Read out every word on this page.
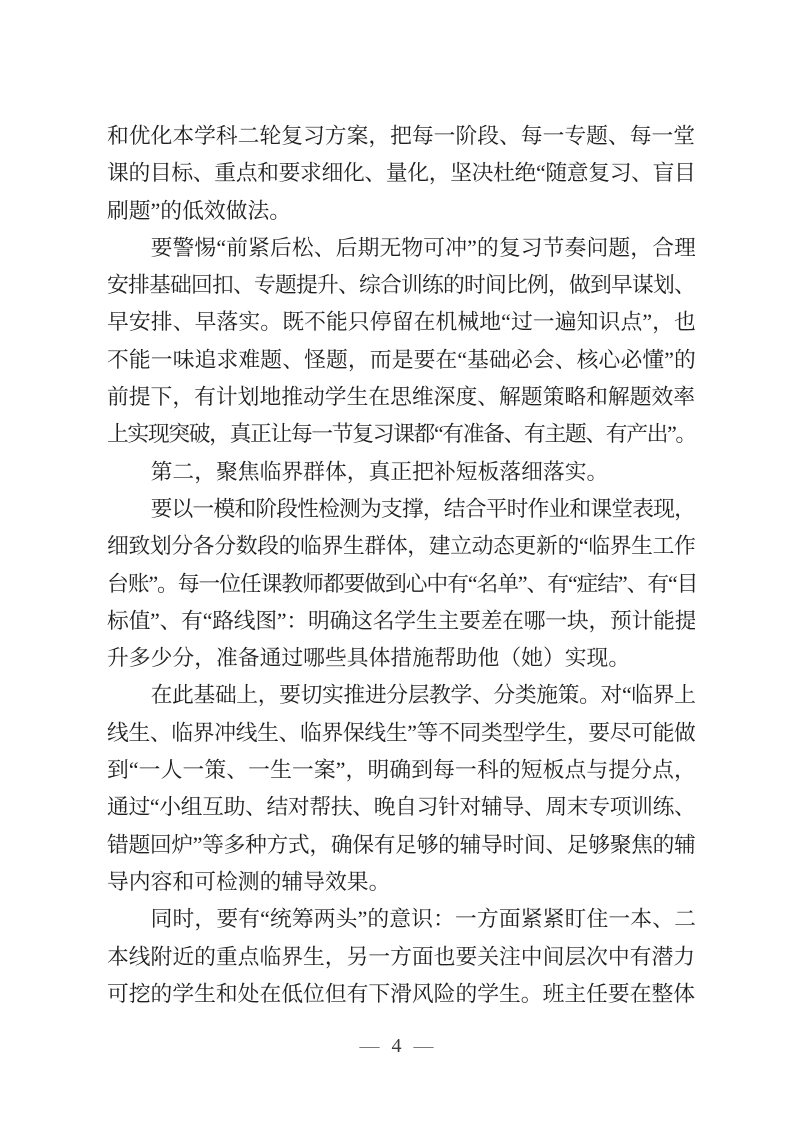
和优化本学科二轮复习方案，把每一阶段、每一专题、每一堂
课的目标、重点和要求细化、量化，坚决杜绝“随意复习、盲目
刷题”的低效做法。
要警惕“前紧后松、后期无物可冲”的复习节奏问题，合理
安排基础回扣、专题提升、综合训练的时间比例，做到早谋划、
早安排、早落实。既不能只停留在机械地“过一遍知识点”，也
不能一味追求难题、怪题，而是要在“基础必会、核心必懂”的
前提下，有计划地推动学生在思维深度、解题策略和解题效率
上实现突破，真正让每一节复习课都“有准备、有主题、有产出”。
第二，聚焦临界群体，真正把补短板落细落实。
要以一模和阶段性检测为支撑，结合平时作业和课堂表现，
细致划分各分数段的临界生群体，建立动态更新的“临界生工作
台账”。每一位任课教师都要做到心中有“名单”、有“症结”、有“目
标值”、有“路线图”：明确这名学生主要差在哪一块，预计能提
升多少分，准备通过哪些具体措施帮助他（她）实现。
在此基础上，要切实推进分层教学、分类施策。对“临界上
线生、临界冲线生、临界保线生”等不同类型学生，要尽可能做
到“一人一策、一生一案”，明确到每一科的短板点与提分点，
通过“小组互助、结对帮扶、晚自习针对辅导、周末专项训练、
错题回炉”等多种方式，确保有足够的辅导时间、足够聚焦的辅
导内容和可检测的辅导效果。
同时，要有“统筹两头”的意识：一方面紧紧盯住一本、二
本线附近的重点临界生，另一方面也要关注中间层次中有潜力
可挖的学生和处在低位但有下滑风险的学生。班主任要在整体
— 4 —
